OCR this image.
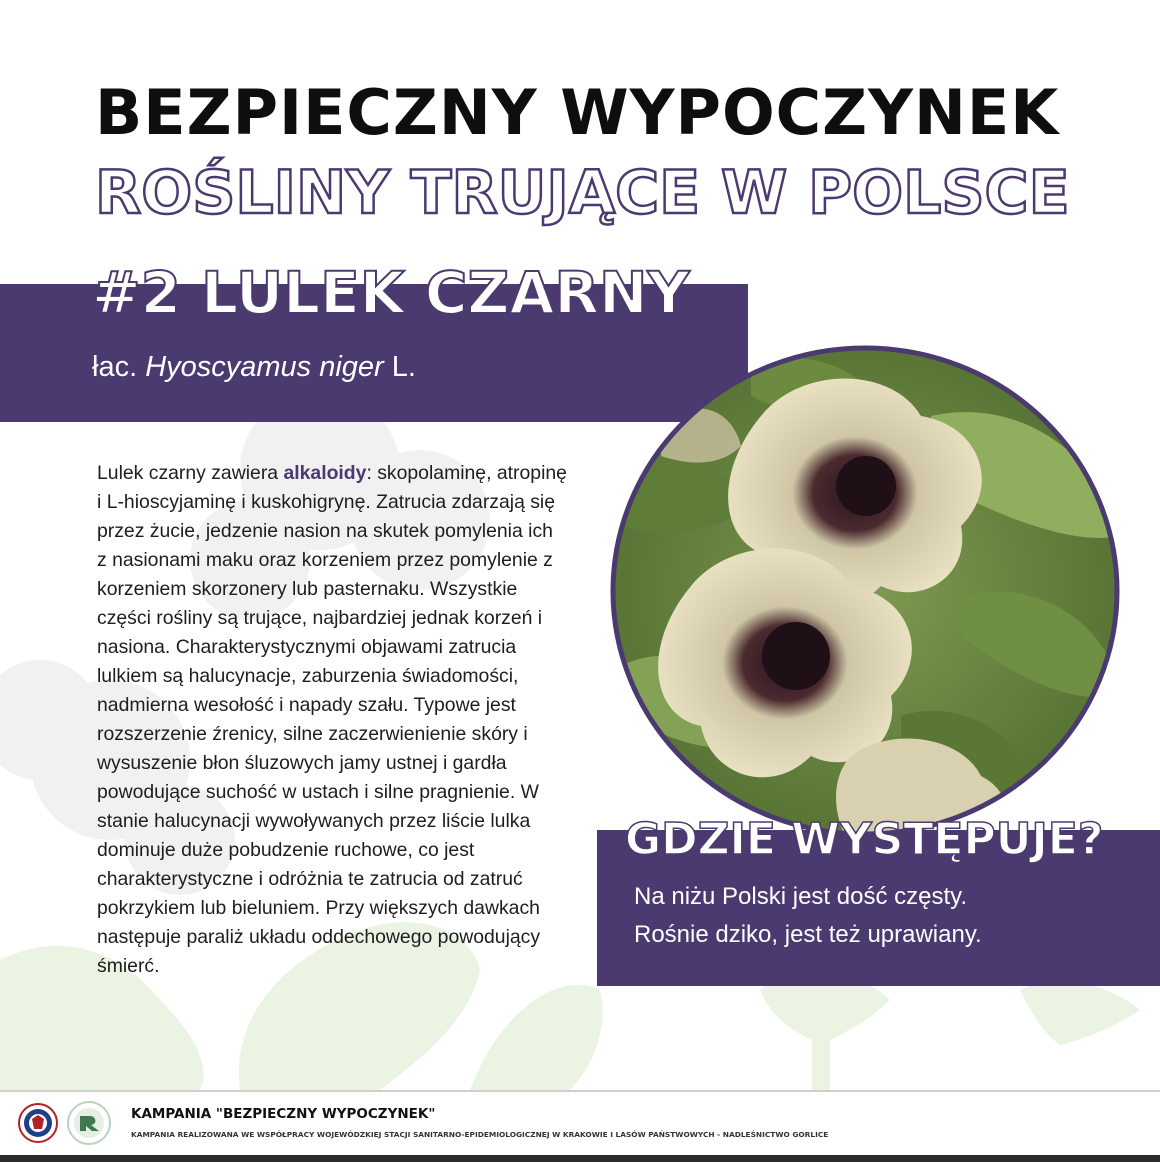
BEZPIECZNY WYPOCZYNEK
ROŚLINY TRUJĄCE W POLSCE
#2 LULEK CZARNY
łac. Hyoscyamus niger L.
Lulek czarny zawiera alkaloidy: skopolaminę, atropinę i L-hioscyjaminę i kuskohigrynę. Zatrucia zdarzają się przez żucie, jedzenie nasion na skutek pomylenia ich z nasionami maku oraz korzeniem przez pomylenie z korzeniem skorzonery lub pasternaku. Wszystkie części rośliny są trujące, najbardziej jednak korzeń i nasiona. Charakterystycznymi objawami zatrucia lulkiem są halucynacje, zaburzenia świadomości, nadmierna wesołość i napady szału. Typowe jest rozszerzenie źrenicy, silne zaczerwienienie skóry i wysuszenie błon śluzowych jamy ustnej i gardła powodujące suchość w ustach i silne pragnienie. W stanie halucynacji wywoływanych przez liście lulka dominuje duże pobudzenie ruchowe, co jest charakterystyczne i odróżnia te zatrucia od zatruć pokrzykiem lub bieluniem. Przy większych dawkach następuje paraliż układu oddechowego powodujący śmierć.
GDZIE WYSTĘPUJE?
Na niżu Polski jest dość częsty.
Rośnie dziko, jest też uprawiany.
KAMPANIA "BEZPIECZNY WYPOCZYNEK"
KAMPANIA REALIZOWANA WE WSPÓŁPRACY WOJEWÓDZKIEJ STACJI SANITARNO-EPIDEMIOLOGICZNEJ W KRAKOWIE I LASÓW PAŃSTWOWYCH - NADLEŚNICTWO GORLICE
